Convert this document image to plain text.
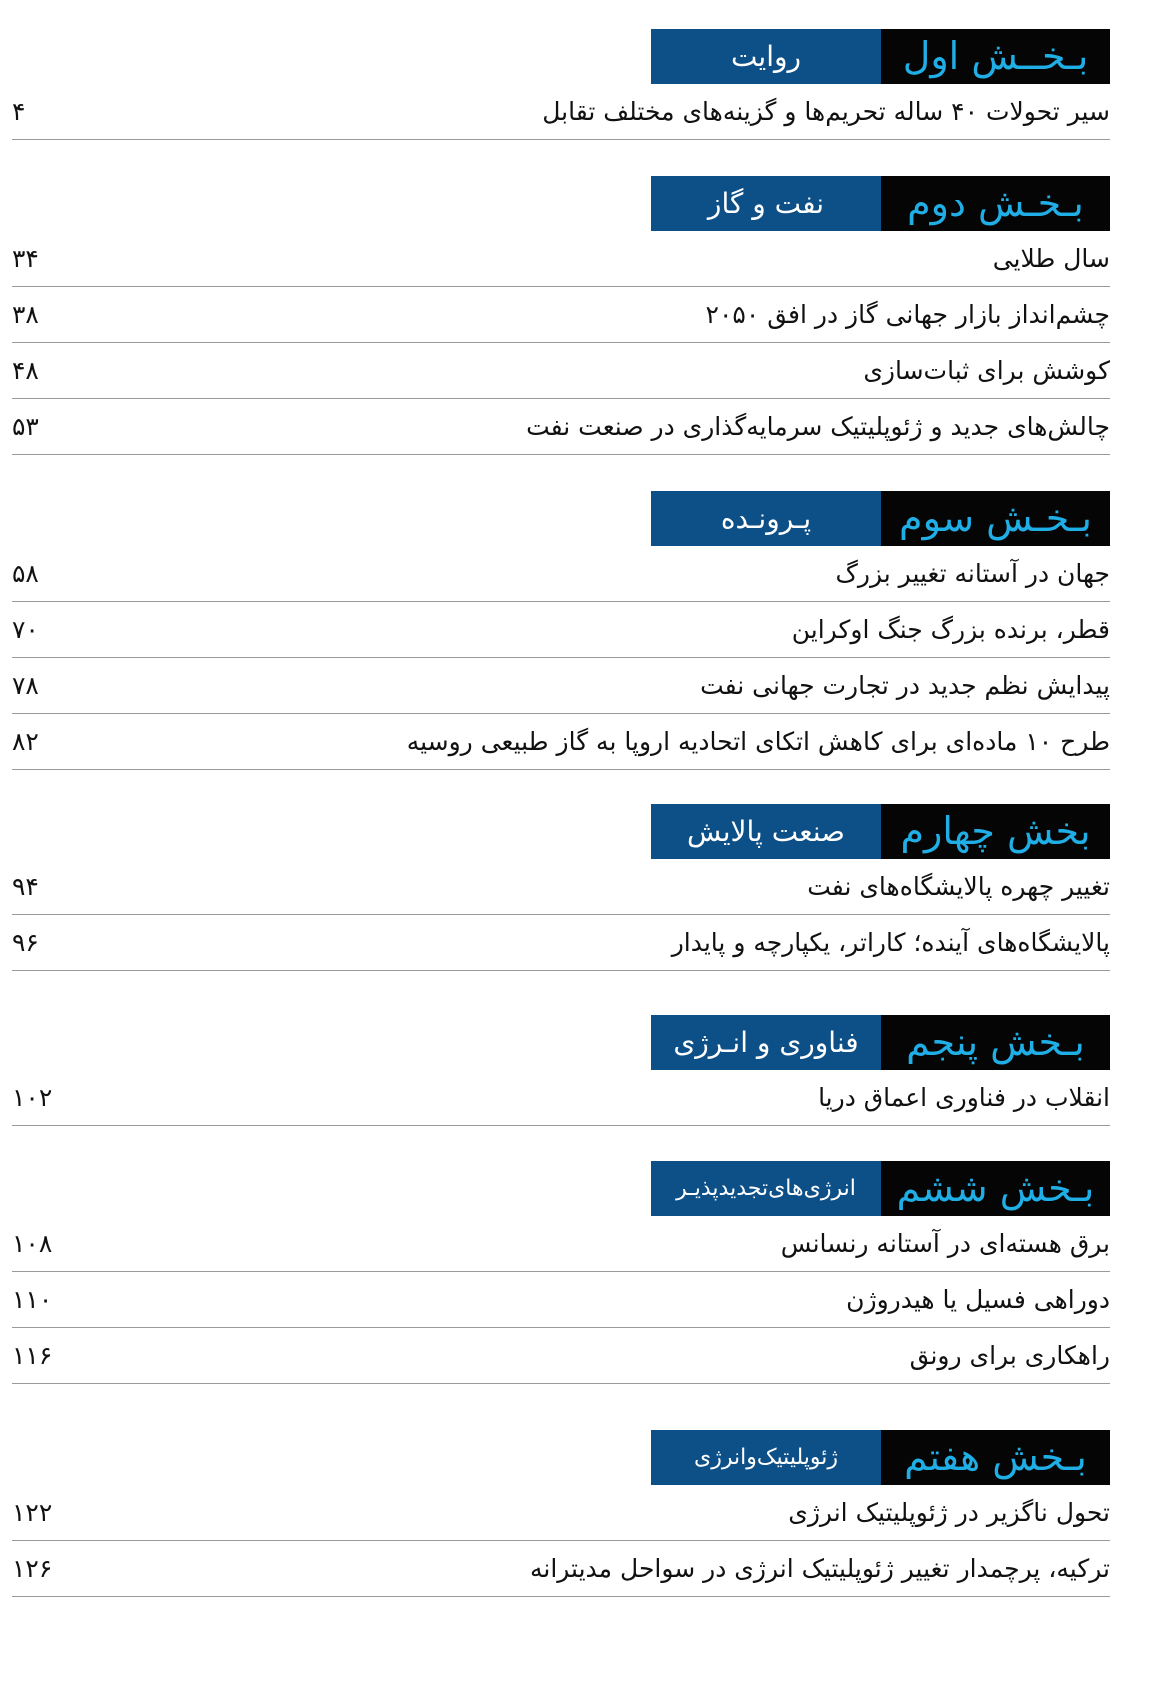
بـخــش اول
روایت
۴	سیر تحولات ۴۰ ساله تحریم‌ها و گزینه‌های مختلف تقابل
بـخـش دوم
نفت و گاز
۳۴	سال طلایی
۳۸	چشم‌انداز بازار جهانی گاز در افق ۲۰۵۰
۴۸	کوشش برای ثبات‌سازی
۵۳	چالش‌های جدید و ژئوپلیتیک سرمایه‌گذاری در صنعت نفت
بـخـش سوم
پـرونـده
۵۸	جهان در آستانه تغییر بزرگ
۷۰	قطر، برنده بزرگ جنگ اوکراین
۷۸	پیدایش نظم جدید در تجارت جهانی نفت
۸۲	طرح ۱۰ ماده‌ای برای کاهش اتکای اتحادیه اروپا به گاز طبیعی روسیه
بخش چهارم
صنعت پالایش
۹۴	تغییر چهره پالایشگاه‌های نفت
۹۶	پالایشگاه‌های آینده؛ کاراتر، یکپارچه و پایدار
بـخش پنجم
فناوری و انـرژی
۱۰۲	انقلاب در فناوری اعماق دریا
بـخش ششم
انرژی‌های‌تجدیدپذیـر
۱۰۸	برق هسته‌ای در آستانه رنسانس
۱۱۰	دوراهی فسیل یا هیدروژن
۱۱۶	راهکاری برای رونق
بـخش هفتم
ژئوپلیتیک‌وانرژی
۱۲۲	تحول ناگزیر در ژئوپلیتیک انرژی
۱۲۶	ترکیه، پرچمدار تغییر ژئوپلیتیک انرژی در سواحل مدیترانه
